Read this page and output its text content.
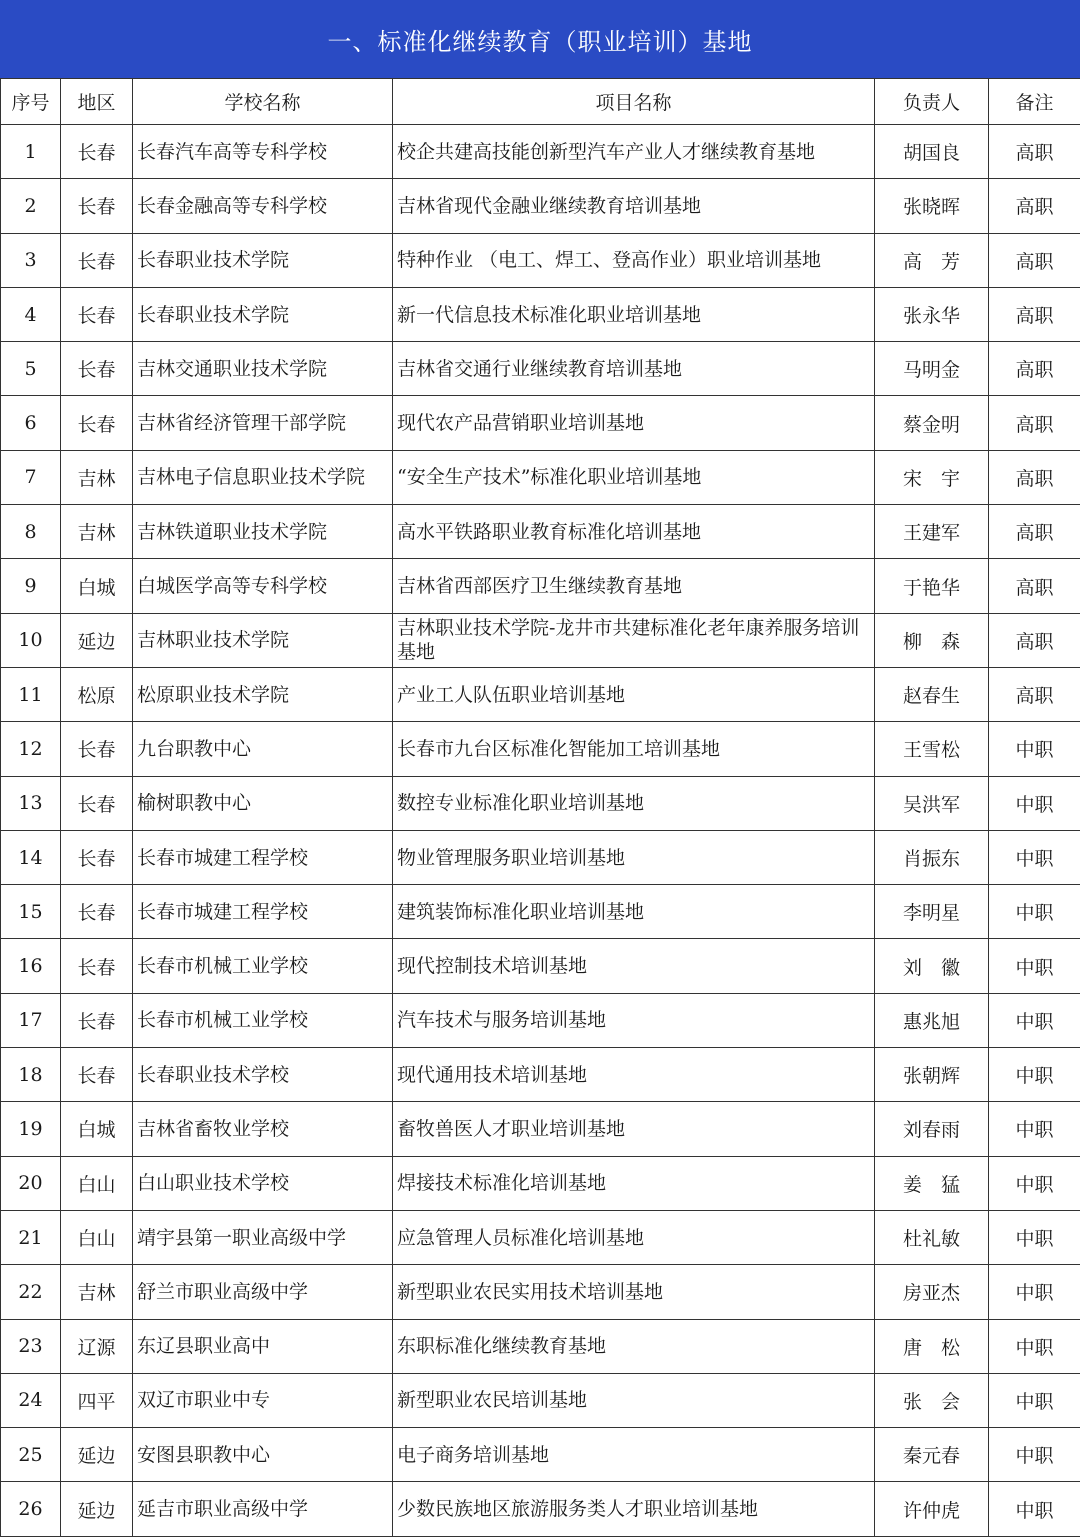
一、标准化继续教育（职业培训）基地
序号	地区	学校名称	项目名称	负责人	备注
1	长春	长春汽车高等专科学校	校企共建高技能创新型汽车产业人才继续教育基地	胡国良	高职
2	长春	长春金融高等专科学校	吉林省现代金融业继续教育培训基地	张晓晖	高职
3	长春	长春职业技术学院	特种作业 （电工、焊工、登高作业）职业培训基地	高　芳	高职
4	长春	长春职业技术学院	新一代信息技术标准化职业培训基地	张永华	高职
5	长春	吉林交通职业技术学院	吉林省交通行业继续教育培训基地	马明金	高职
6	长春	吉林省经济管理干部学院	现代农产品营销职业培训基地	蔡金明	高职
7	吉林	吉林电子信息职业技术学院	“安全生产技术”标准化职业培训基地	宋　宇	高职
8	吉林	吉林铁道职业技术学院	高水平铁路职业教育标准化培训基地	王建军	高职
9	白城	白城医学高等专科学校	吉林省西部医疗卫生继续教育基地	于艳华	高职
10	延边	吉林职业技术学院	吉林职业技术学院-龙井市共建标准化老年康养服务培训基地	柳　森	高职
11	松原	松原职业技术学院	产业工人队伍职业培训基地	赵春生	高职
12	长春	九台职教中心	长春市九台区标准化智能加工培训基地	王雪松	中职
13	长春	榆树职教中心	数控专业标准化职业培训基地	吴洪军	中职
14	长春	长春市城建工程学校	物业管理服务职业培训基地	肖振东	中职
15	长春	长春市城建工程学校	建筑装饰标准化职业培训基地	李明星	中职
16	长春	长春市机械工业学校	现代控制技术培训基地	刘　徽	中职
17	长春	长春市机械工业学校	汽车技术与服务培训基地	惠兆旭	中职
18	长春	长春职业技术学校	现代通用技术培训基地	张朝辉	中职
19	白城	吉林省畜牧业学校	畜牧兽医人才职业培训基地	刘春雨	中职
20	白山	白山职业技术学校	焊接技术标准化培训基地	姜　猛	中职
21	白山	靖宇县第一职业高级中学	应急管理人员标准化培训基地	杜礼敏	中职
22	吉林	舒兰市职业高级中学	新型职业农民实用技术培训基地	房亚杰	中职
23	辽源	东辽县职业高中	东职标准化继续教育基地	唐　松	中职
24	四平	双辽市职业中专	新型职业农民培训基地	张　会	中职
25	延边	安图县职教中心	电子商务培训基地	秦元春	中职
26	延边	延吉市职业高级中学	少数民族地区旅游服务类人才职业培训基地	许仲虎	中职
